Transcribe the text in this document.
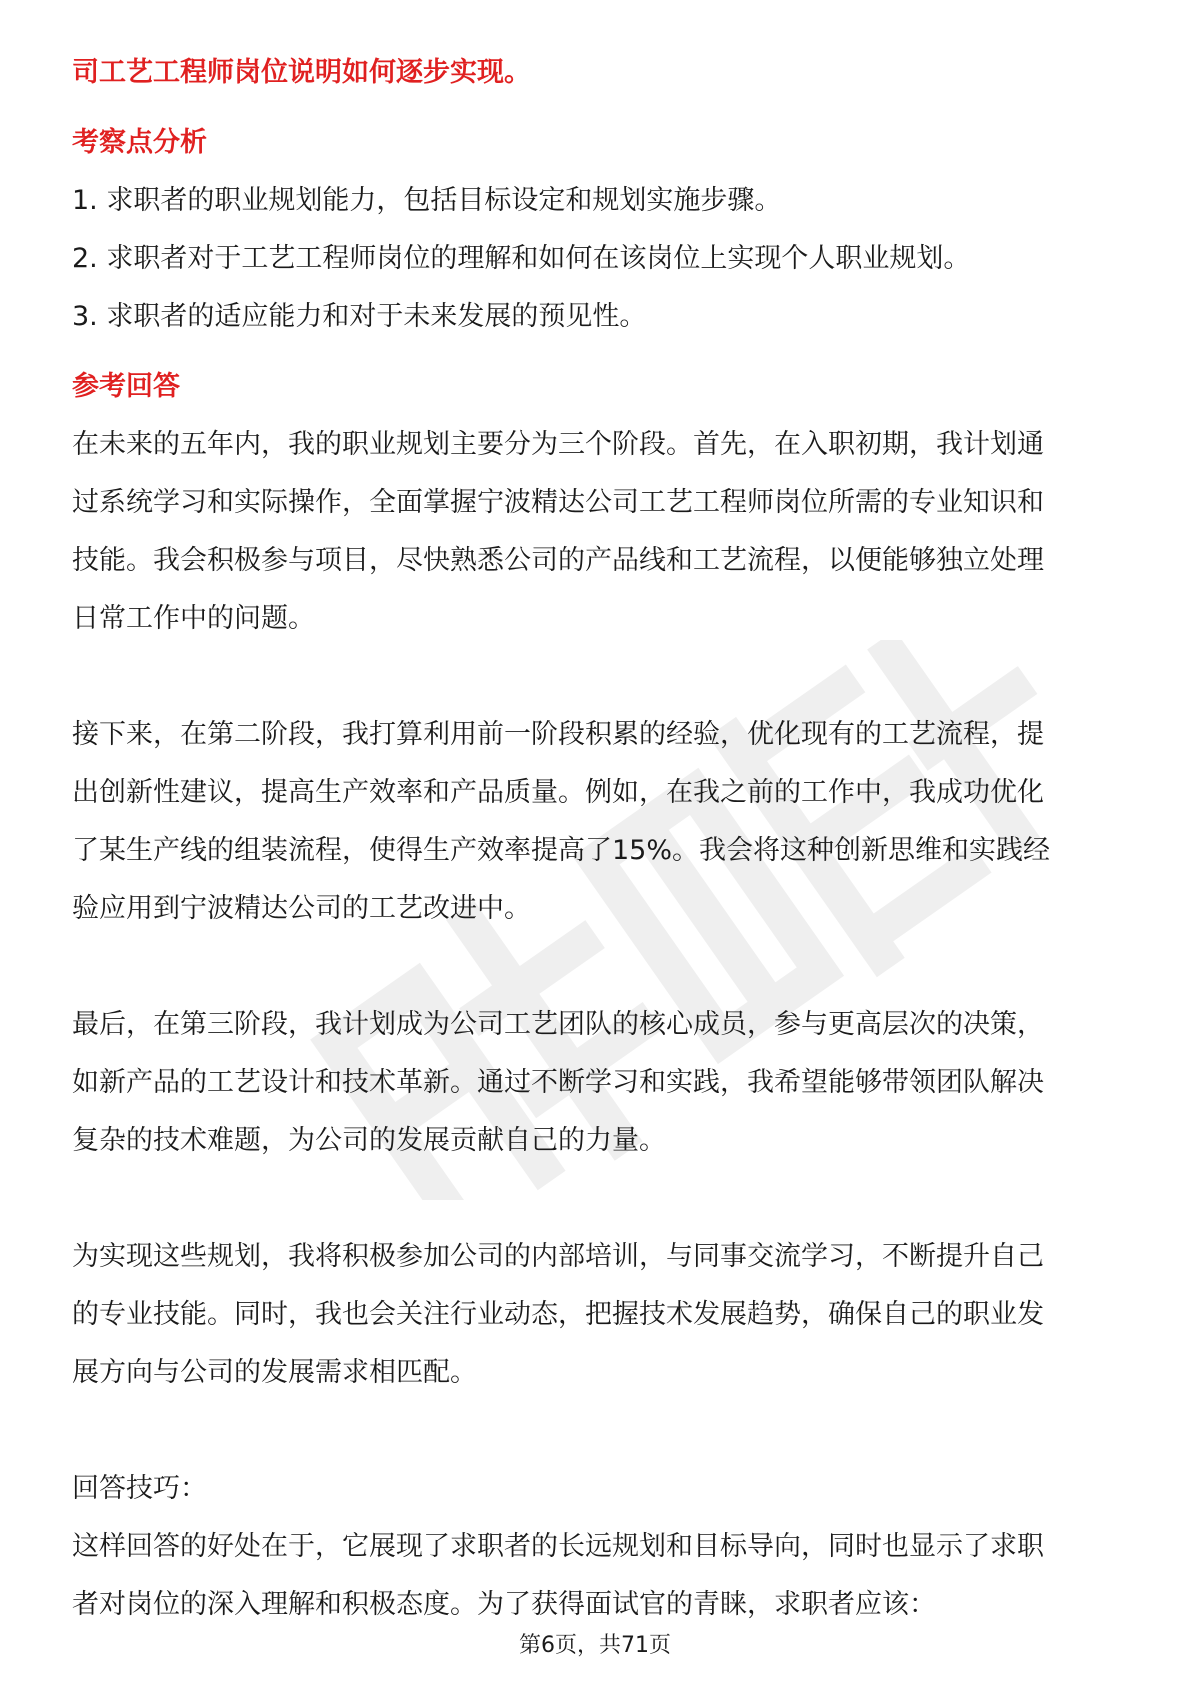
司工艺工程师岗位说明如何逐步实现。

考察点分析

1. 求职者的职业规划能力，包括目标设定和规划实施步骤。

2. 求职者对于工艺工程师岗位的理解和如何在该岗位上实现个人职业规划。

3. 求职者的适应能力和对于未来发展的预见性。

参考回答

在未来的五年内，我的职业规划主要分为三个阶段。首先，在入职初期，我计划通

过系统学习和实际操作，全面掌握宁波精达公司工艺工程师岗位所需的专业知识和

技能。我会积极参与项目，尽快熟悉公司的产品线和工艺流程，以便能够独立处理

日常工作中的问题。

接下来，在第二阶段，我打算利用前一阶段积累的经验，优化现有的工艺流程，提

出创新性建议，提高生产效率和产品质量。例如，在我之前的工作中，我成功优化

了某生产线的组装流程，使得生产效率提高了15%。我会将这种创新思维和实践经

验应用到宁波精达公司的工艺改进中。

最后，在第三阶段，我计划成为公司工艺团队的核心成员，参与更高层次的决策，

如新产品的工艺设计和技术革新。通过不断学习和实践，我希望能够带领团队解决

复杂的技术难题，为公司的发展贡献自己的力量。

为实现这些规划，我将积极参加公司的内部培训，与同事交流学习，不断提升自己

的专业技能。同时，我也会关注行业动态，把握技术发展趋势，确保自己的职业发

展方向与公司的发展需求相匹配。

回答技巧：

这样回答的好处在于，它展现了求职者的长远规划和目标导向，同时也显示了求职

者对岗位的深入理解和积极态度。为了获得面试官的青睐，求职者应该：

第6页，共71页
